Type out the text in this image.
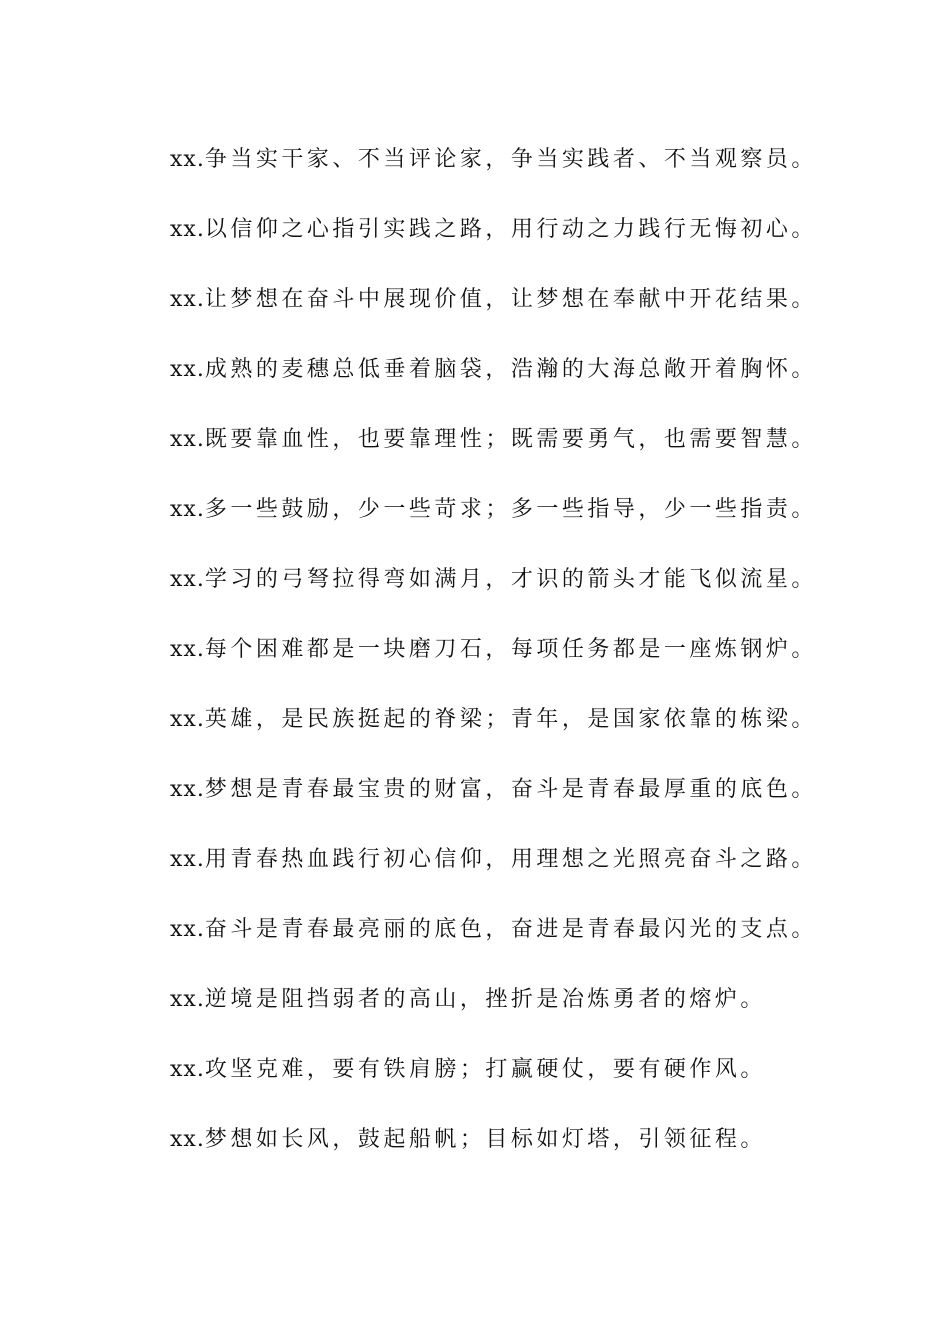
xx.争当实干家、不当评论家，争当实践者、不当观察员。
xx.以信仰之心指引实践之路，用行动之力践行无悔初心。
xx.让梦想在奋斗中展现价值，让梦想在奉献中开花结果。
xx.成熟的麦穗总低垂着脑袋，浩瀚的大海总敞开着胸怀。
xx.既要靠血性，也要靠理性；既需要勇气，也需要智慧。
xx.多一些鼓励，少一些苛求；多一些指导，少一些指责。
xx.学习的弓弩拉得弯如满月，才识的箭头才能飞似流星。
xx.每个困难都是一块磨刀石，每项任务都是一座炼钢炉。
xx.英雄，是民族挺起的脊梁；青年，是国家依靠的栋梁。
xx.梦想是青春最宝贵的财富，奋斗是青春最厚重的底色。
xx.用青春热血践行初心信仰，用理想之光照亮奋斗之路。
xx.奋斗是青春最亮丽的底色，奋进是青春最闪光的支点。
xx.逆境是阻挡弱者的高山，挫折是冶炼勇者的熔炉。
xx.攻坚克难，要有铁肩膀；打赢硬仗，要有硬作风。
xx.梦想如长风，鼓起船帆；目标如灯塔，引领征程。
